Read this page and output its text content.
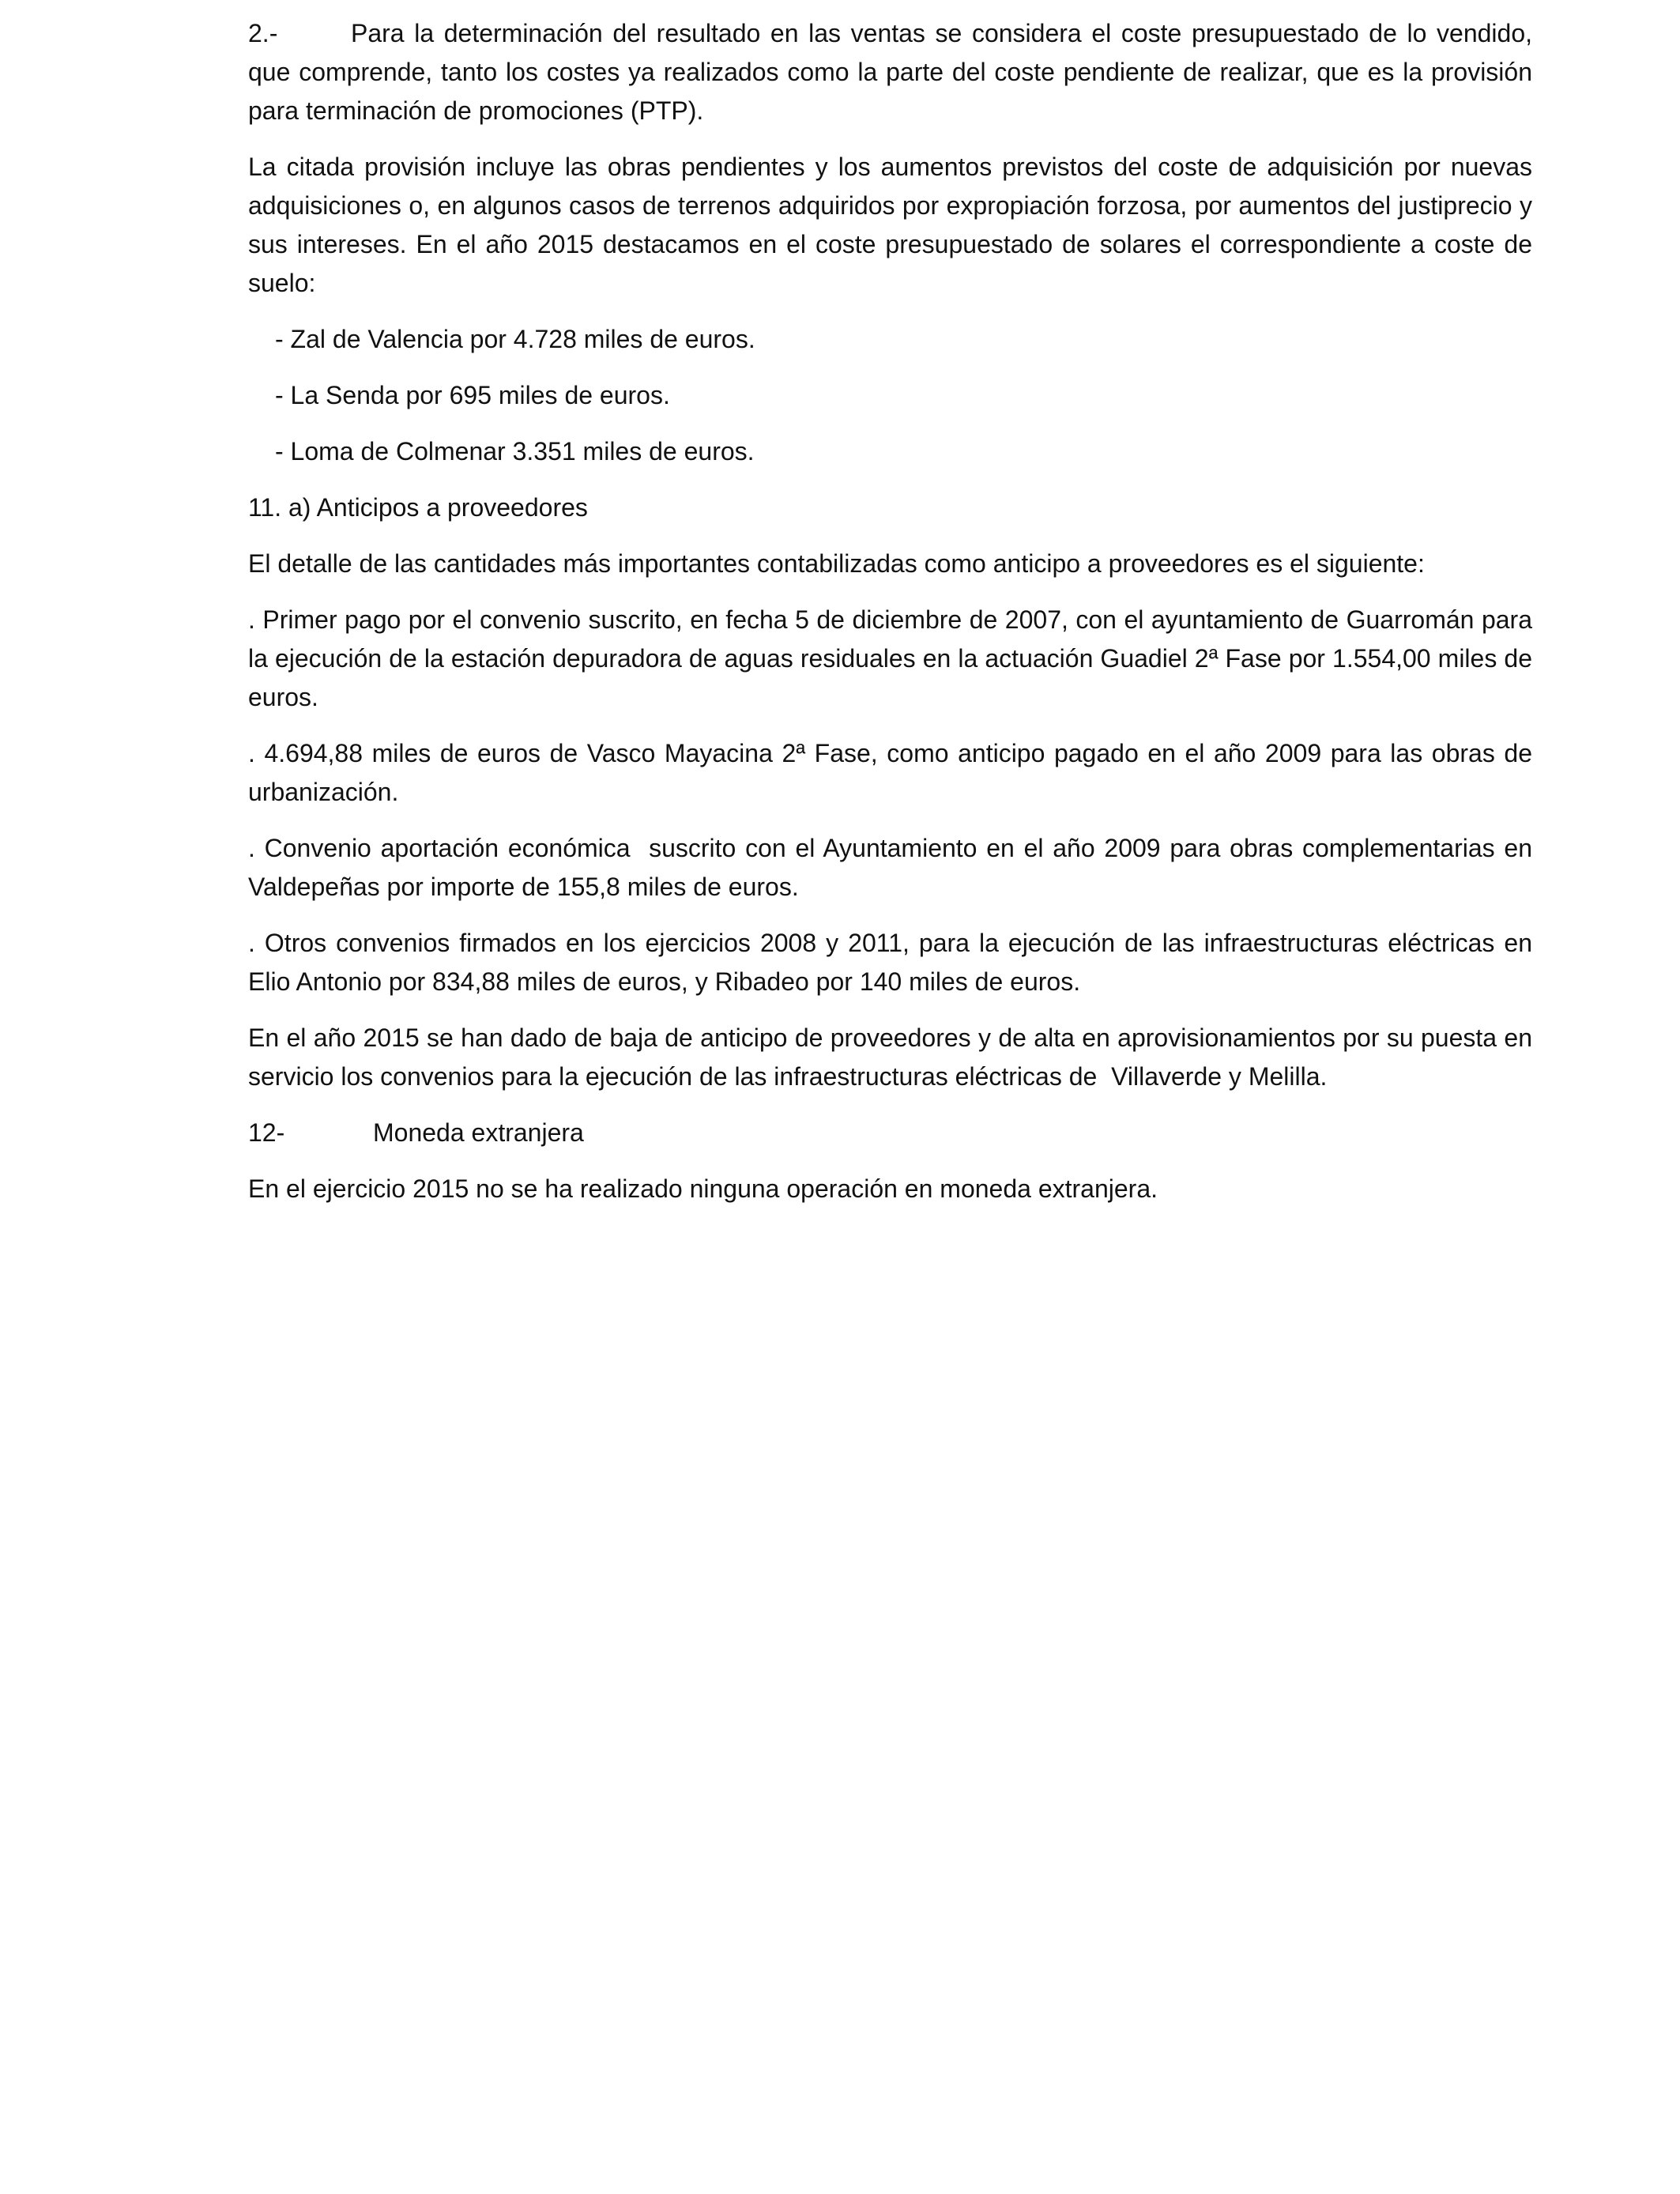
2.-	Para la determinación del resultado en las ventas se considera el coste presupuestado de lo vendido, que comprende, tanto los costes ya realizados como la parte del coste pendiente de realizar, que es la provisión para terminación de promociones (PTP).

La citada provisión incluye las obras pendientes y los aumentos previstos del coste de adquisición por nuevas adquisiciones o, en algunos casos de terrenos adquiridos por expropiación forzosa, por aumentos del justiprecio y sus intereses. En el año 2015 destacamos en el coste presupuestado de solares el correspondiente a coste de suelo:

- Zal de Valencia por 4.728 miles de euros.

- La Senda por 695 miles de euros.

- Loma de Colmenar 3.351 miles de euros.

11. a) Anticipos a proveedores

El detalle de las cantidades más importantes contabilizadas como anticipo a proveedores es el siguiente:

. Primer pago por el convenio suscrito, en fecha 5 de diciembre de 2007, con el ayuntamiento de Guarromán para la ejecución de la estación depuradora de aguas residuales en la actuación Guadiel 2ª Fase por 1.554,00 miles de euros.

. 4.694,88 miles de euros de Vasco Mayacina 2ª Fase, como anticipo pagado en el año 2009 para las obras de urbanización.

. Convenio aportación económica  suscrito con el Ayuntamiento en el año 2009 para obras complementarias en Valdepeñas por importe de 155,8 miles de euros.

. Otros convenios firmados en los ejercicios 2008 y 2011, para la ejecución de las infraestructuras eléctricas en Elio Antonio por 834,88 miles de euros, y Ribadeo por 140 miles de euros.

En el año 2015 se han dado de baja de anticipo de proveedores y de alta en aprovisionamientos por su puesta en servicio los convenios para la ejecución de las infraestructuras eléctricas de  Villaverde y Melilla.

12-	Moneda extranjera

En el ejercicio 2015 no se ha realizado ninguna operación en moneda extranjera.
